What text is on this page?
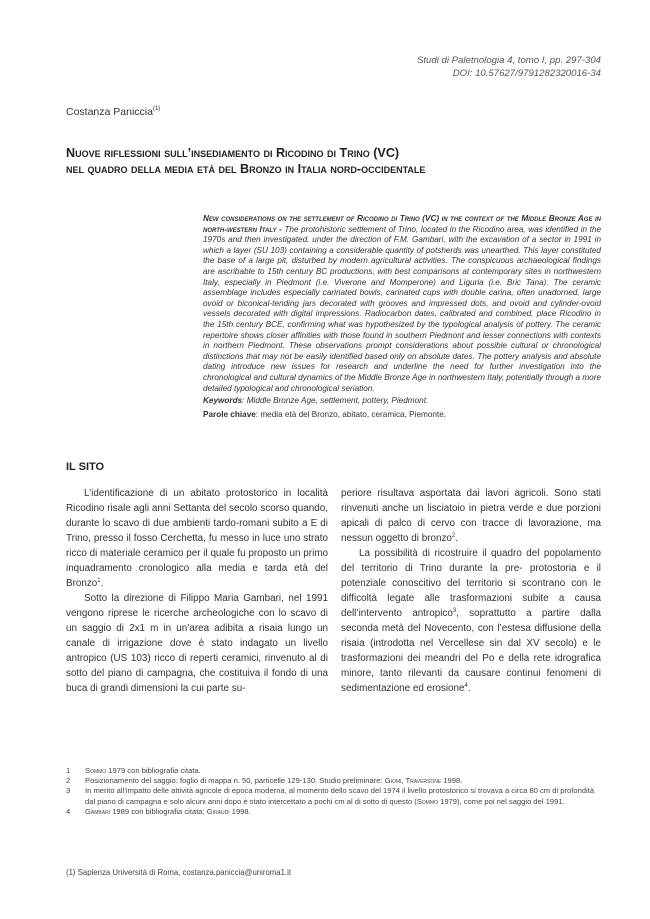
Studi di Paletnologia 4, tomo I, pp. 297-304
DOI: 10.57627/9791282320016-34
Costanza Paniccia$^{(1)}$
Nuove riflessioni sull’insediamento di Ricodino di Trino (VC)
nel quadro della media età del Bronzo in Italia nord-occidentale
New considerations on the settlement of Ricodino di Trino (VC) in the context of the Middle Bronze Age in north-western Italy - The protohistoric settlement of Trino, located in the Ricodino area, was identified in the 1970s and then investigated, under the direction of F.M. Gambari, with the excavation of a sector in 1991 in which a layer (SU 103) containing a considerable quantity of potsherds was unearthed. This layer constituted the base of a large pit, disturbed by modern agricultural activities. The conspicuous archaeological findings are ascribable to 15th century BC productions, with best comparisons at contemporary sites in northwestern Italy, especially in Piedmont (i.e. Viverone and Momperone) and Liguria (i.e. Bric Tana). The ceramic assemblage includes especially carinated bowls, carinated cups with double carina, often unadorned, large ovoid or biconical-tending jars decorated with grooves and impressed dots, and ovoid and cylinder-ovoid vessels decorated with digital impressions. Radiocarbon dates, calibrated and combined, place Ricodino in the 15th century BCE, confirming what was hypothesized by the typological analysis of pottery. The ceramic repertoire shows closer affinities with those found in southern Piedmont and lesser connections with contexts in northern Piedmont. These observations prompt considerations about possible cultural or chronological distinctions that may not be easily identified based only on absolute dates. The pottery analysis and absolute dating introduce new issues for research and underline the need for further investigation into the chronological and cultural dynamics of the Middle Bronze Age in northwestern Italy, potentially through a more detailed typological and chronological seriation.
Keywords: Middle Bronze Age, settlement, pottery, Piedmont.
Parole chiave: media età del Bronzo, abitato, ceramica, Piemonte.
IL SITO

L’identificazione di un abitato protostorico in località Ricodino risale agli anni Settanta del secolo scorso quando, durante lo scavo di due ambienti tardo-romani subito a E di Trino, presso il fosso Cerchetta, fu messo in luce uno strato ricco di materiale ceramico per il quale fu proposto un primo inquadramento cronologico alla media e tarda età del Bronzo$^1$.

Sotto la direzione di Filippo Maria Gambari, nel 1991 vengono riprese le ricerche archeologiche con lo scavo di un saggio di 2x1 m in un’area adibita a risaia lungo un canale di irrigazione dove è stato indagato un livello antropico (US 103) ricco di reperti ceramici, rinvenuto al di sotto del piano di campagna, che costituiva il fondo di una buca di grandi dimensioni la cui parte su-

periore risultava asportata dai lavori agricoli. Sono stati rinvenuti anche un lisciatoio in pietra verde e due porzioni apicali di palco di cervo con tracce di lavorazione, ma nessun oggetto di bronzo$^2$.

La possibilità di ricostruire il quadro del popolamento del territorio di Trino durante la pre- protostoria e il potenziale conoscitivo del territorio si scontrano con le difficoltà legate alle trasformazioni subite a causa dell’intervento antropico$^3$, soprattutto a partire dalla seconda metà del Novecento, con l’estesa diffusione della risaia (introdotta nel Vercellese sin dal XV secolo) e le trasformazioni dei meandri del Po e della rete idrografica minore, tanto rilevanti da causare continui fenomeni di sedimentazione ed erosione$^4$.

1	Sommo 1979 con bibliografia citata.
2	Posizionamento del saggio: foglio di mappa n. 50, particelle 129-130. Studio preliminare: Giomi, Traversone 1998.
3	In merito all’impatto delle attività agricole di epoca moderna, al momento dello scavo del 1974 il livello protostorico si trovava a circa 80 cm di profondità dal piano di campagna e solo alcuni anni dopo è stato intercettato a pochi cm al di sotto di questo (Sommo 1979), come poi nel saggio del 1991.
4	Gambari 1989 con bibliografia citata; Giraudi 1998.
(1) Sapienza Università di Roma, costanza.paniccia@uniroma1.it
